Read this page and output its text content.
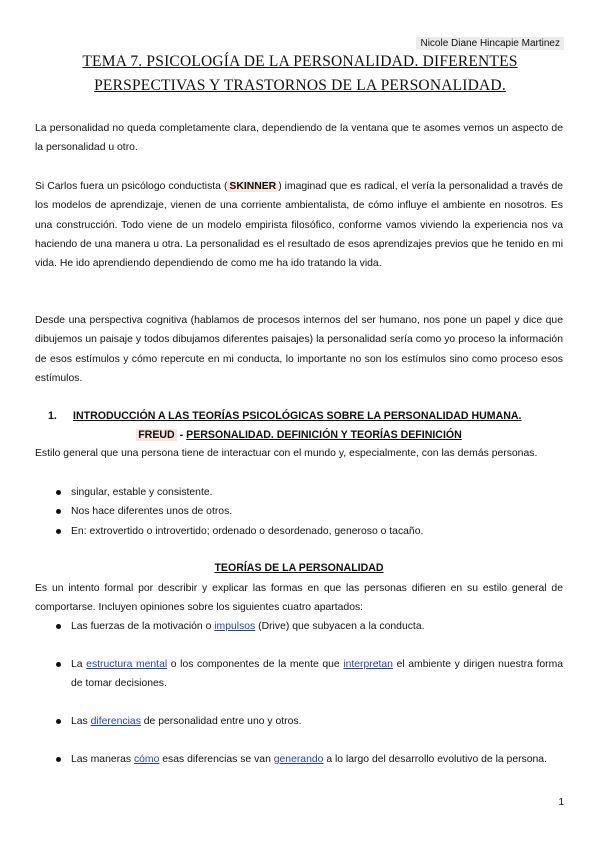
Nicole Diane Hincapie Martinez
TEMA 7. PSICOLOGÍA DE LA PERSONALIDAD. DIFERENTES
PERSPECTIVAS Y TRASTORNOS DE LA PERSONALIDAD.

La personalidad no queda completamente clara, dependiendo de la ventana que te asomes vemos un aspecto de la personalidad u otro.

Si Carlos fuera un psicólogo conductista ( SKINNER ) imaginad que es radical, el vería la personalidad a través de los modelos de aprendizaje, vienen de una corriente ambientalista, de cómo influye el ambiente en nosotros. Es una construcción. Todo viene de un modelo empirista filosófico, conforme vamos viviendo la experiencia nos va haciendo de una manera u otra. La personalidad es el resultado de esos aprendizajes previos que he tenido en mi vida. He ido aprendiendo dependiendo de como me ha ido tratando la vida.

Desde una perspectiva cognitiva (hablamos de procesos internos del ser humano, nos pone un papel y dice que dibujemos un paisaje y todos dibujamos diferentes paisajes) la personalidad sería como yo proceso la información de esos estímulos y cómo repercute en mi conducta, lo importante no son los estímulos sino como proceso esos estímulos.

1. INTRODUCCIÓN A LAS TEORÍAS PSICOLÓGICAS SOBRE LA PERSONALIDAD HUMANA.
FREUD - PERSONALIDAD. DEFINICIÓN Y TEORÍAS DEFINICIÓN

Estilo general que una persona tiene de interactuar con el mundo y, especialmente, con las demás personas.

singular, estable y consistente.
Nos hace diferentes unos de otros.
En: extrovertido o introvertido; ordenado o desordenado, generoso o tacaño.
TEORÍAS DE LA PERSONALIDAD

Es un intento formal por describir y explicar las formas en que las personas difieren en su estilo general de comportarse. Incluyen opiniones sobre los siguientes cuatro apartados:

Las fuerzas de la motivación o impulsos (Drive) que subyacen a la conducta.
La estructura mental o los componentes de la mente que interpretan el ambiente y dirigen nuestra forma de tomar decisiones.
Las diferencias de personalidad entre uno y otros.
Las maneras cómo esas diferencias se van generando a lo largo del desarrollo evolutivo de la persona.
1
